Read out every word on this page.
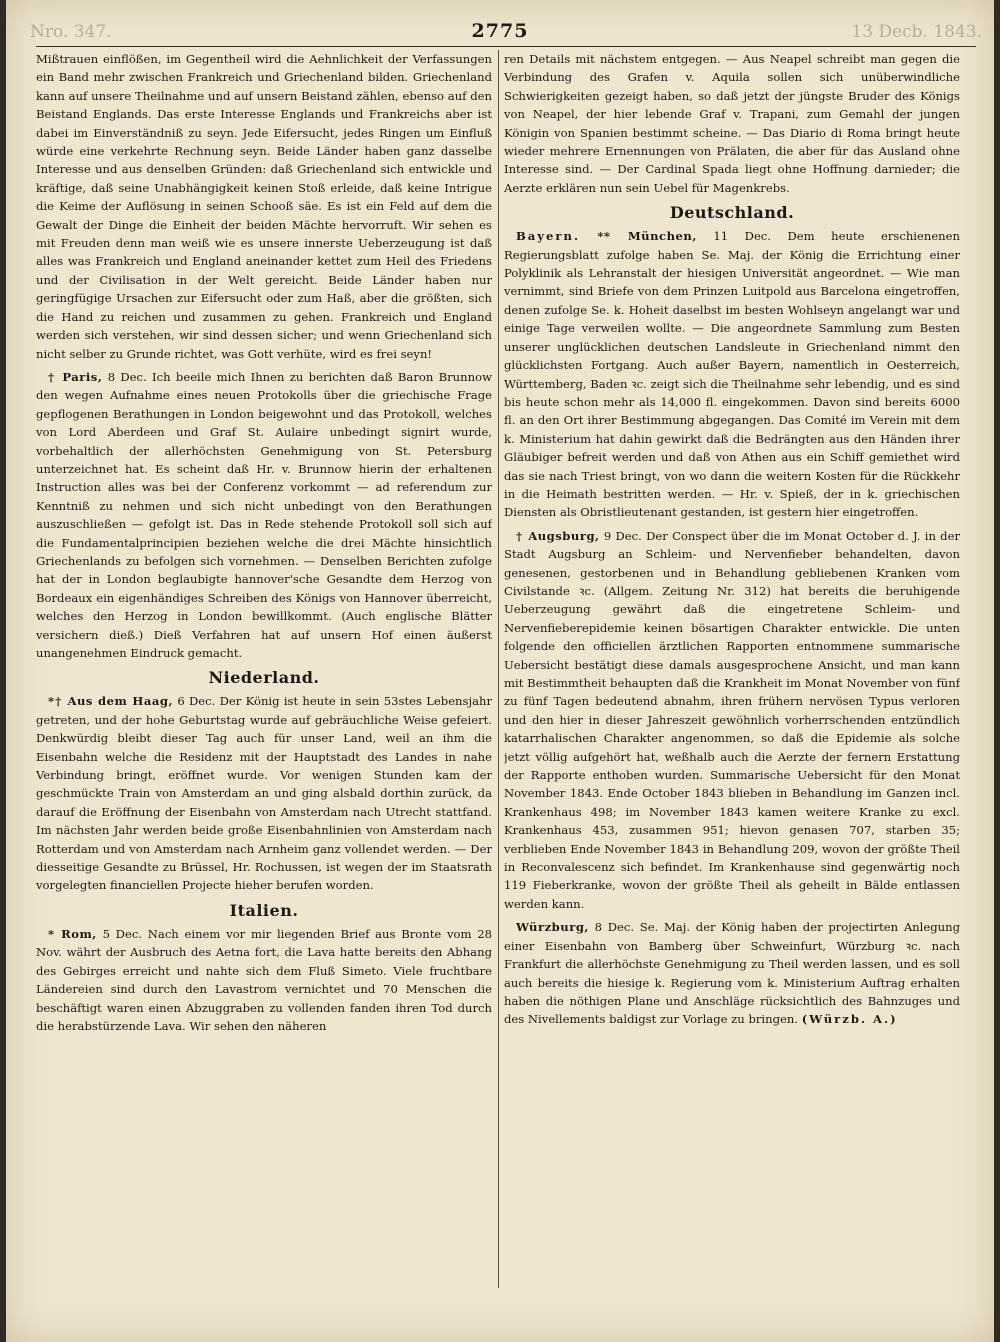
Nro. 347.	2775	13 Decb. 1843.

Mißtrauen einflößen, im Gegentheil wird die Aehnlichkeit der Verfassungen ein Band mehr zwischen Frankreich und Griechenland bilden. Griechenland kann auf unsere Theilnahme und auf unsern Beistand zählen, ebenso auf den Beistand Englands. Das erste Interesse Englands und Frankreichs aber ist dabei im Einverständniß zu seyn. Jede Eifersucht, jedes Ringen um Einfluß würde eine verkehrte Rechnung seyn. Beide Länder haben ganz dasselbe Interesse und aus denselben Gründen: daß Griechenland sich entwickle und kräftige, daß seine Unabhängigkeit keinen Stoß erleide, daß keine Intrigue die Keime der Auflösung in seinen Schooß säe. Es ist ein Feld auf dem die Gewalt der Dinge die Einheit der beiden Mächte hervorruft. Wir sehen es mit Freuden denn man weiß wie es unsere innerste Ueberzeugung ist daß alles was Frankreich und England aneinander kettet zum Heil des Friedens und der Civilisation in der Welt gereicht. Beide Länder haben nur geringfügige Ursachen zur Eifersucht oder zum Haß, aber die größten, sich die Hand zu reichen und zusammen zu gehen. Frankreich und England werden sich verstehen, wir sind dessen sicher; und wenn Griechenland sich nicht selber zu Grunde richtet, was Gott verhüte, wird es frei seyn!

† Paris, 8 Dec. Ich beeile mich Ihnen zu berichten daß Baron Brunnow den wegen Aufnahme eines neuen Protokolls über die griechische Frage gepflogenen Berathungen in London beigewohnt und das Protokoll, welches von Lord Aberdeen und Graf St. Aulaire unbedingt signirt wurde, vorbehaltlich der allerhöchsten Genehmigung von St. Petersburg unterzeichnet hat. Es scheint daß Hr. v. Brunnow hierin der erhaltenen Instruction alles was bei der Conferenz vorkommt — ad referendum zur Kenntniß zu nehmen und sich nicht unbedingt von den Berathungen auszuschließen — gefolgt ist. Das in Rede stehende Protokoll soll sich auf die Fundamentalprincipien beziehen welche die drei Mächte hinsichtlich Griechenlands zu befolgen sich vornehmen. — Denselben Berichten zufolge hat der in London beglaubigte hannover'sche Gesandte dem Herzog von Bordeaux ein eigenhändiges Schreiben des Königs von Hannover überreicht, welches den Herzog in London bewillkommt. (Auch englische Blätter versichern dieß.) Dieß Verfahren hat auf unsern Hof einen äußerst unangenehmen Eindruck gemacht.

Niederland.

*† Aus dem Haag, 6 Dec. Der König ist heute in sein 53stes Lebensjahr getreten, und der hohe Geburtstag wurde auf gebräuchliche Weise gefeiert. Denkwürdig bleibt dieser Tag auch für unser Land, weil an ihm die Eisenbahn welche die Residenz mit der Hauptstadt des Landes in nahe Verbindung bringt, eröffnet wurde. Vor wenigen Stunden kam der geschmückte Train von Amsterdam an und ging alsbald dorthin zurück, da darauf die Eröffnung der Eisenbahn von Amsterdam nach Utrecht stattfand. Im nächsten Jahr werden beide große Eisenbahnlinien von Amsterdam nach Rotterdam und von Amsterdam nach Arnheim ganz vollendet werden. — Der diesseitige Gesandte zu Brüssel, Hr. Rochussen, ist wegen der im Staatsrath vorgelegten financiellen Projecte hieher berufen worden.

Italien.

* Rom, 5 Dec. Nach einem vor mir liegenden Brief aus Bronte vom 28 Nov. währt der Ausbruch des Aetna fort, die Lava hatte bereits den Abhang des Gebirges erreicht und nahte sich dem Fluß Simeto. Viele fruchtbare Ländereien sind durch den Lavastrom vernichtet und 70 Menschen die beschäftigt waren einen Abzuggraben zu vollenden fanden ihren Tod durch die herabstürzende Lava. Wir sehen den näheren

ren Details mit nächstem entgegen. — Aus Neapel schreibt man gegen die Verbindung des Grafen v. Aquila sollen sich unüberwindliche Schwierigkeiten gezeigt haben, so daß jetzt der jüngste Bruder des Königs von Neapel, der hier lebende Graf v. Trapani, zum Gemahl der jungen Königin von Spanien bestimmt scheine. — Das Diario di Roma bringt heute wieder mehrere Ernennungen von Prälaten, die aber für das Ausland ohne Interesse sind. — Der Cardinal Spada liegt ohne Hoffnung darnieder; die Aerzte erklären nun sein Uebel für Magenkrebs.

Deutschland.

Bayern. ** München, 11 Dec. Dem heute erschienenen Regierungsblatt zufolge haben Se. Maj. der König die Errichtung einer Polyklinik als Lehranstalt der hiesigen Universität angeordnet. — Wie man vernimmt, sind Briefe von dem Prinzen Luitpold aus Barcelona eingetroffen, denen zufolge Se. k. Hoheit daselbst im besten Wohlseyn angelangt war und einige Tage verweilen wollte. — Die angeordnete Sammlung zum Besten unserer unglücklichen deutschen Landsleute in Griechenland nimmt den glücklichsten Fortgang. Auch außer Bayern, namentlich in Oesterreich, Württemberg, Baden ꝛc. zeigt sich die Theilnahme sehr lebendig, und es sind bis heute schon mehr als 14,000 fl. eingekommen. Davon sind bereits 6000 fl. an den Ort ihrer Bestimmung abgegangen. Das Comité im Verein mit dem k. Ministerium hat dahin gewirkt daß die Bedrängten aus den Händen ihrer Gläubiger befreit werden und daß von Athen aus ein Schiff gemiethet wird das sie nach Triest bringt, von wo dann die weitern Kosten für die Rückkehr in die Heimath bestritten werden. — Hr. v. Spieß, der in k. griechischen Diensten als Obristlieutenant gestanden, ist gestern hier eingetroffen.

† Augsburg, 9 Dec. Der Conspect über die im Monat October d. J. in der Stadt Augsburg an Schleim- und Nervenfieber behandelten, davon genesenen, gestorbenen und in Behandlung gebliebenen Kranken vom Civilstande ꝛc. (Allgem. Zeitung Nr. 312) hat bereits die beruhigende Ueberzeugung gewährt daß die eingetretene Schleim- und Nervenfieberepidemie keinen bösartigen Charakter entwickle. Die unten folgende den officiellen ärztlichen Rapporten entnommene summarische Uebersicht bestätigt diese damals ausgesprochene Ansicht, und man kann mit Bestimmtheit behaupten daß die Krankheit im Monat November von fünf zu fünf Tagen bedeutend abnahm, ihren frühern nervösen Typus verloren und den hier in dieser Jahreszeit gewöhnlich vorherrschenden entzündlich katarrhalischen Charakter angenommen, so daß die Epidemie als solche jetzt völlig aufgehört hat, weßhalb auch die Aerzte der fernern Erstattung der Rapporte enthoben wurden. Summarische Uebersicht für den Monat November 1843. Ende October 1843 blieben in Behandlung im Ganzen incl. Krankenhaus 498; im November 1843 kamen weitere Kranke zu excl. Krankenhaus 453, zusammen 951; hievon genasen 707, starben 35; verblieben Ende November 1843 in Behandlung 209, wovon der größte Theil in Reconvalescenz sich befindet. Im Krankenhause sind gegenwärtig noch 119 Fieberkranke, wovon der größte Theil als geheilt in Bälde entlassen werden kann.

Würzburg, 8 Dec. Se. Maj. der König haben der projectirten Anlegung einer Eisenbahn von Bamberg über Schweinfurt, Würzburg ꝛc. nach Frankfurt die allerhöchste Genehmigung zu Theil werden lassen, und es soll auch bereits die hiesige k. Regierung vom k. Ministerium Auftrag erhalten haben die nöthigen Plane und Anschläge rücksichtlich des Bahnzuges und des Nivellements baldigst zur Vorlage zu bringen. (Würzb. A.)
